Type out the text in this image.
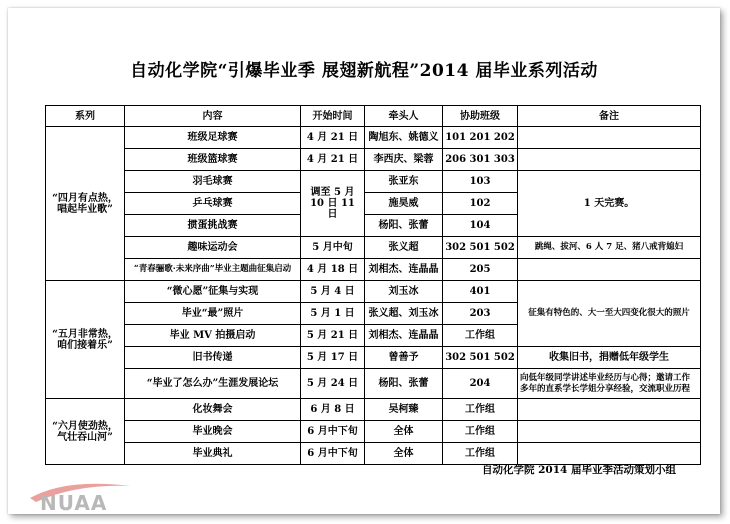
自动化学院“引爆毕业季 展翅新航程”2014 届毕业系列活动
系列	内容	开始时间	牵头人	协助班级	备注

“四月有点热，
唱起毕业歌”	班级足球赛	4 月 21 日	陶旭东、姚德义	101 201 202	
	班级篮球赛	4 月 21 日	李西庆、梁蓉	206 301 303	
	羽毛球赛	调至 5 月 10 日 11 日	张亚东	103	1 天完赛。
	乒乓球赛		施昊威	102	
	掼蛋挑战赛		杨阳、张蕾	104	
	趣味运动会	5 月中旬	张义超	302 501 502	跳绳、拔河、6 人 7 足、猪八戒背媳妇
	“青春骊歌·未来序曲”毕业主题曲征集启动	4 月 18 日	刘相杰、连晶晶	205	

“五月非常热，
咱们接着乐”	“微心愿”征集与实现	5 月 4 日	刘玉冰	401	征集有特色的、大一至大四变化很大的照片
	毕业“最”照片	5 月 1 日	张义超、刘玉冰	203	
	毕业 MV 拍摄启动	5 月 21 日	刘相杰、连晶晶	工作组	
	旧书传递	5 月 17 日	曾善予	302 501 502	收集旧书，捐赠低年级学生
	“毕业了怎么办”生涯发展论坛	5 月 24 日	杨阳、张蕾	204	向低年级同学讲述毕业经历与心得；邀请工作多年的直系学长学姐分享经验，交流职业历程

“六月使劲热，
气壮吞山河”	化妆舞会	6 月 8 日	吴柯臻	工作组	
	毕业晚会	6 月中下旬	全体	工作组	
	毕业典礼	6 月中下旬	全体	工作组	
自动化学院 2014 届毕业季活动策划小组
NUAA
